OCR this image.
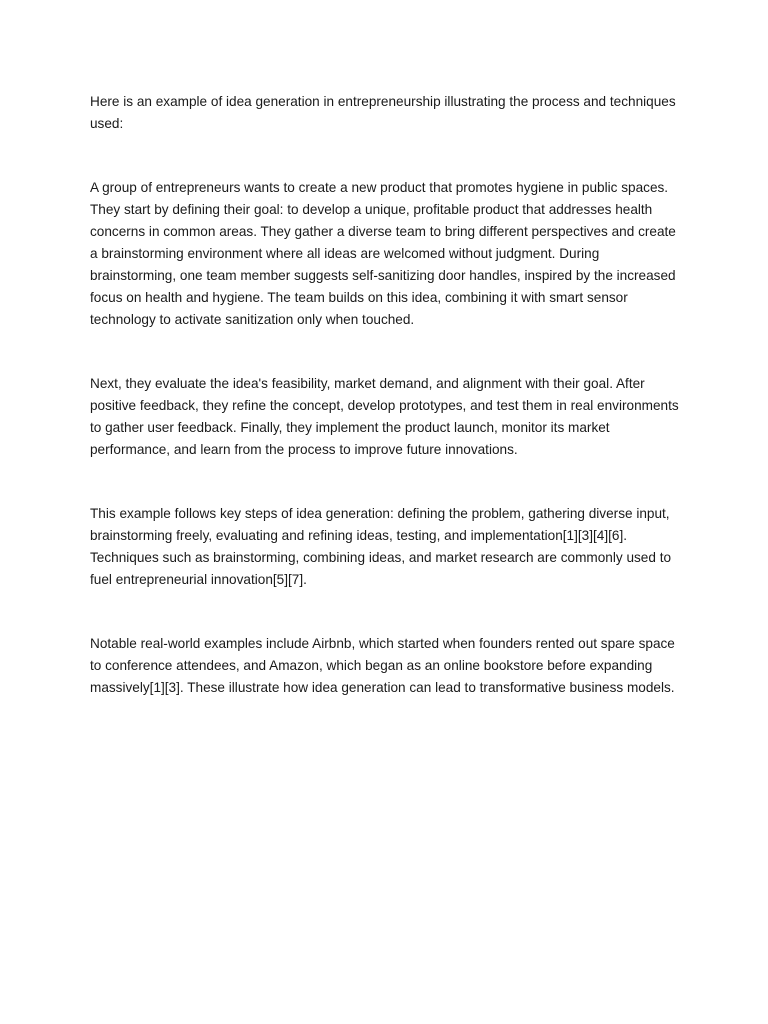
Here is an example of idea generation in entrepreneurship illustrating the process and techniques used:

A group of entrepreneurs wants to create a new product that promotes hygiene in public spaces. They start by defining their goal: to develop a unique, profitable product that addresses health concerns in common areas. They gather a diverse team to bring different perspectives and create a brainstorming environment where all ideas are welcomed without judgment. During brainstorming, one team member suggests self-sanitizing door handles, inspired by the increased focus on health and hygiene. The team builds on this idea, combining it with smart sensor technology to activate sanitization only when touched.

Next, they evaluate the idea's feasibility, market demand, and alignment with their goal. After positive feedback, they refine the concept, develop prototypes, and test them in real environments to gather user feedback. Finally, they implement the product launch, monitor its market performance, and learn from the process to improve future innovations.

This example follows key steps of idea generation: defining the problem, gathering diverse input, brainstorming freely, evaluating and refining ideas, testing, and implementation[1][3][4][6]. Techniques such as brainstorming, combining ideas, and market research are commonly used to fuel entrepreneurial innovation[5][7].

Notable real-world examples include Airbnb, which started when founders rented out spare space to conference attendees, and Amazon, which began as an online bookstore before expanding massively[1][3]. These illustrate how idea generation can lead to transformative business models.
